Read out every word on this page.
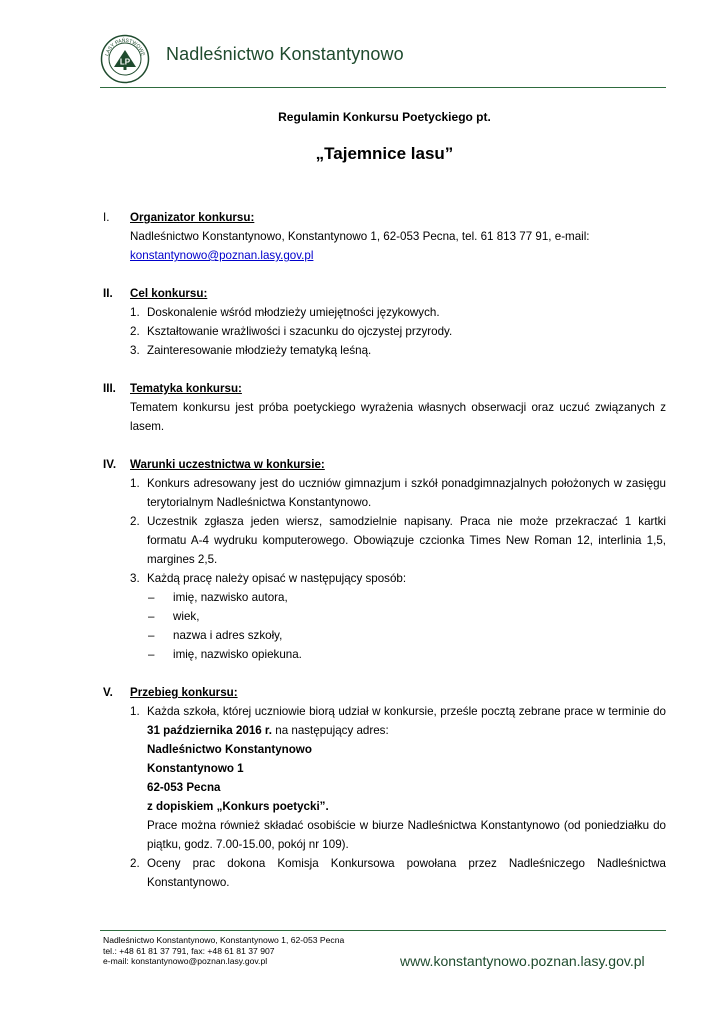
LASY PAŃSTWOWE
LP Nadleśnictwo Konstantynowo
Regulamin Konkursu Poetyckiego pt.
„Tajemnice lasu”
I.	Organizator konkursu:
Nadleśnictwo Konstantynowo, Konstantynowo 1, 62-053 Pecna, tel. 61 813 77 91, e-mail:
konstantynowo@poznan.lasy.gov.pl
II.	Cel konkursu:
1. Doskonalenie wśród młodzieży umiejętności językowych.
2. Kształtowanie wrażliwości i szacunku do ojczystej przyrody.
3. Zainteresowanie młodzieży tematyką leśną.
III.	Tematyka konkursu:
Tematem konkursu jest próba poetyckiego wyrażenia własnych obserwacji oraz uczuć związanych z lasem.
IV.	Warunki uczestnictwa w konkursie:
1. Konkurs adresowany jest do uczniów gimnazjum i szkół ponadgimnazjalnych położonych w zasięgu terytorialnym Nadleśnictwa Konstantynowo.
2. Uczestnik zgłasza jeden wiersz, samodzielnie napisany. Praca nie może przekraczać 1 kartki formatu A-4 wydruku komputerowego. Obowiązuje czcionka Times New Roman 12, interlinia 1,5, margines 2,5.
3. Każdą pracę należy opisać w następujący sposób:
–	imię, nazwisko autora,
–	wiek,
–	nazwa i adres szkoły,
–	imię, nazwisko opiekuna.
V.	Przebieg konkursu:
1. Każda szkoła, której uczniowie biorą udział w konkursie, prześle pocztą zebrane prace w terminie do 31 października 2016 r. na następujący adres:
Nadleśnictwo Konstantynowo
Konstantynowo 1
62-053 Pecna
z dopiskiem „Konkurs poetycki”.
Prace można również składać osobiście w biurze Nadleśnictwa Konstantynowo (od poniedziałku do piątku, godz. 7.00-15.00, pokój nr 109).
2. Oceny prac dokona Komisja Konkursowa powołana przez Nadleśniczego Nadleśnictwa Konstantynowo.
Nadleśnictwo Konstantynowo, Konstantynowo 1, 62-053 Pecna
tel.: +48 61 81 37 791, fax: +48 61 81 37 907
e-mail: konstantynowo@poznan.lasy.gov.pl	www.konstantynowo.poznan.lasy.gov.pl
